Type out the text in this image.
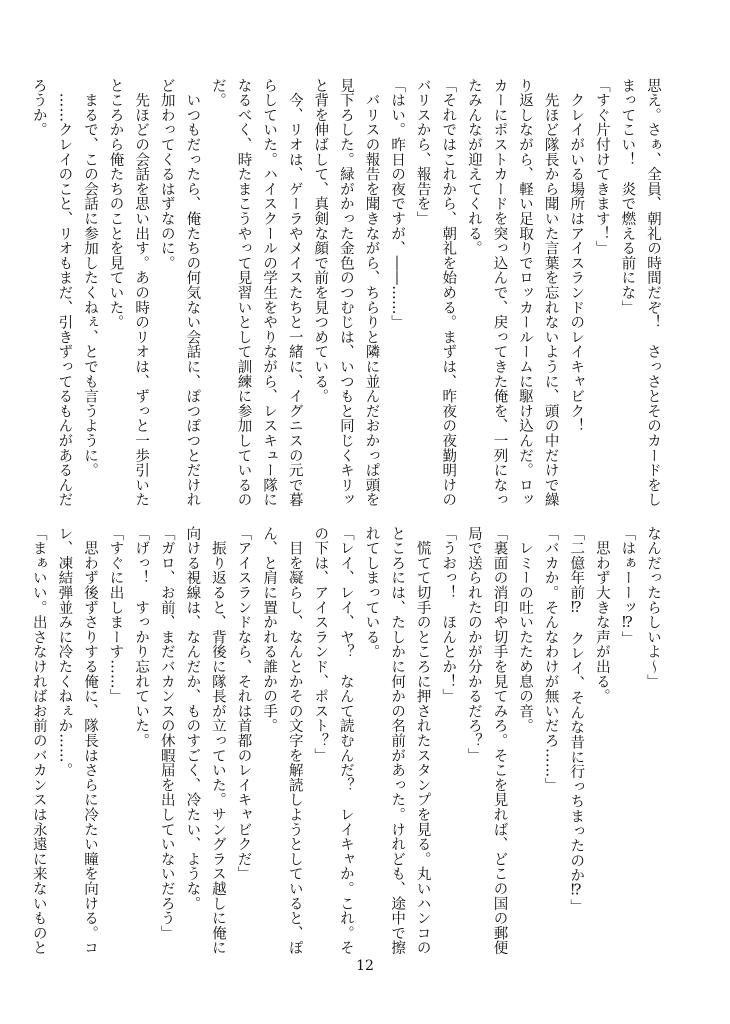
思え。さぁ、全員、朝礼の時間だぞ！　さっさとそのカードをし
まってこい！　炎で燃える前にな」
「すぐ片付けてきます！」
　クレイがいる場所はアイスランドのレイキャビク！
　先ほど隊長から聞いた言葉を忘れないように、頭の中だけで繰
り返しながら、軽い足取りでロッカールームに駆け込んだ。ロッ
カーにポストカードを突っ込んで、戻ってきた俺を、一列になっ
たみんなが迎えてくれる。
「それではこれから、朝礼を始める。まずは、昨夜の夜勤明けの
バリスから、報告を」
「はい。昨日の夜ですが、――……」
　バリスの報告を聞きながら、ちらりと隣に並んだおかっぱ頭を
見下ろした。緑がかった金色のつむじは、いつもと同じくキリッ
と背を伸ばして、真剣な顔で前を見つめている。
　今、リオは、ゲーラやメイスたちと一緒に、イグニスの元で暮
らしていた。ハイスクールの学生をやりながら、レスキュー隊に
なるべく、時たまこうやって見習いとして訓練に参加しているの
だ。
　いつもだったら、俺たちの何気ない会話に、ぽつぽつとだけれ
ど加わってくるはずなのに。
　先ほどの会話を思い出す。あの時のリオは、ずっと一歩引いた
ところから俺たちのことを見ていた。
　まるで、この会話に参加したくねぇ、とでも言うように。
　……クレイのこと、リオもまだ、引きずってるもんがあるんだ
ろうか。
なんだったらしいよ～」
「はぁーーッ⁉」
　思わず大きな声が出る。
「二億年前⁉　クレイ、そんな昔に行っちまったのか⁉」
「バカか。そんなわけが無いだろ……」
　レミーの吐いたため息の音。
「裏面の消印や切手を見てみろ。そこを見れば、どこの国の郵便
局で送られたのかが分かるだろ？」
「うおっ！　ほんとか！」
　慌てて切手のところに押されたスタンプを見る。丸いハンコの
ところには、たしかに何かの名前があった。けれども、途中で擦
れてしまっている。
「レイ、レイ、ヤ？　なんて読むんだ？　レイキャか。これ。そ
の下は、アイスランド、ポスト？」
　目を凝らし、なんとかその文字を解読しようとしていると、ぽ
ん、と肩に置かれる誰かの手。
「アイスランドなら、それは首都のレイキャビクだ」
　振り返ると、背後に隊長が立っていた。サングラス越しに俺に
向ける視線は、なんだか、ものすごく、冷たい、ような。
「ガロ、お前、まだバカンスの休暇届を出していないだろう」
「げっ！　すっかり忘れていた。
「すぐに出しまーす……」
　思わず後ずさりする俺に、隊長はさらに冷たい瞳を向ける。コ
レ、凍結弾並みに冷たくねぇか……。
「まぁいい。出さなければお前のバカンスは永遠に来ないものと
12
